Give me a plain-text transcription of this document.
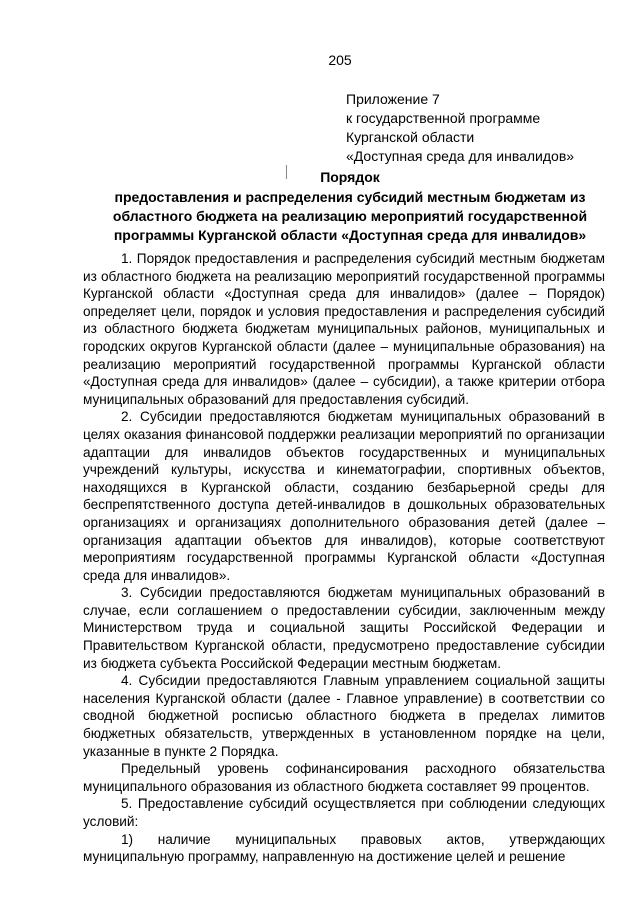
205
Приложение 7
к государственной программе
Курганской области
«Доступная среда для инвалидов»
Порядок
предоставления и распределения субсидий местным бюджетам из
областного бюджета на реализацию мероприятий государственной
программы Курганской области «Доступная среда для инвалидов»

1. Порядок предоставления и распределения субсидий местным бюджетам из областного бюджета на реализацию мероприятий государственной программы Курганской области «Доступная среда для инвалидов» (далее – Порядок) определяет цели, порядок и условия предоставления и распределения субсидий из областного бюджета бюджетам муниципальных районов, муниципальных и городских округов Курганской области (далее – муниципальные образования) на реализацию мероприятий государственной программы Курганской области «Доступная среда для инвалидов» (далее – субсидии), а также критерии отбора муниципальных образований для предоставления субсидий.

2. Субсидии предоставляются бюджетам муниципальных образований в целях оказания финансовой поддержки реализации мероприятий по организации адаптации для инвалидов объектов государственных и муниципальных учреждений культуры, искусства и кинематографии, спортивных объектов, находящихся в Курганской области, созданию безбарьерной среды для беспрепятственного доступа детей-инвалидов в дошкольных образовательных организациях и организациях дополнительного образования детей (далее – организация адаптации объектов для инвалидов), которые соответствуют мероприятиям государственной программы Курганской области «Доступная среда для инвалидов».

3. Субсидии предоставляются бюджетам муниципальных образований в случае, если соглашением о предоставлении субсидии, заключенным между Министерством труда и социальной защиты Российской Федерации и Правительством Курганской области, предусмотрено предоставление субсидии из бюджета субъекта Российской Федерации местным бюджетам.

4. Субсидии предоставляются Главным управлением социальной защиты населения Курганской области (далее - Главное управление) в соответствии со сводной бюджетной росписью областного бюджета в пределах лимитов бюджетных обязательств, утвержденных в установленном порядке на цели, указанные в пункте 2 Порядка.

Предельный уровень софинансирования расходного обязательства муниципального образования из областного бюджета составляет 99 процентов.

5. Предоставление субсидий осуществляется при соблюдении следующих условий:

1) наличие муниципальных правовых актов, утверждающих муниципальную программу, направленную на достижение целей и решение
